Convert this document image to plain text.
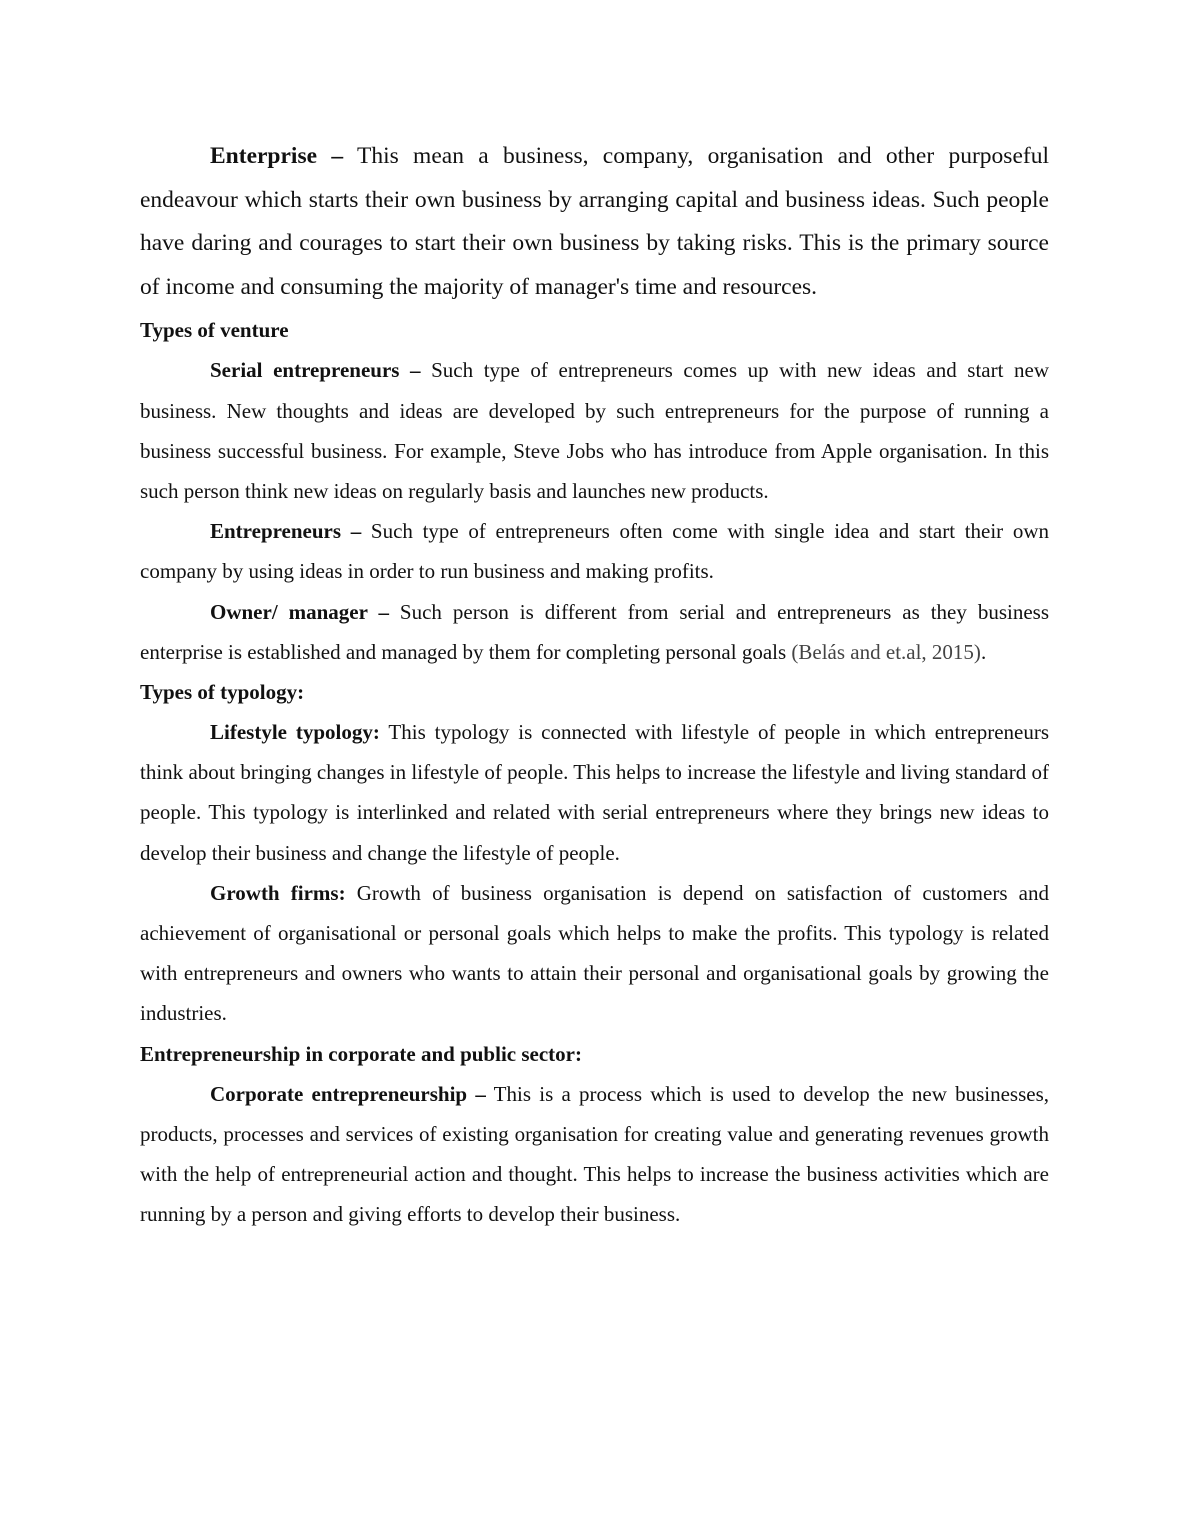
Enterprise – This mean a business, company, organisation and other purposeful endeavour which starts their own business by arranging capital and business ideas. Such people have daring and courages to start their own business by taking risks. This is the primary source of income and consuming the majority of manager's time and resources.

Types of venture

Serial entrepreneurs – Such type of entrepreneurs comes up with new ideas and start new business. New thoughts and ideas are developed by such entrepreneurs for the purpose of running a business successful business. For example, Steve Jobs who has introduce from Apple organisation. In this such person think new ideas on regularly basis and launches new products.

Entrepreneurs – Such type of entrepreneurs often come with single idea and start their own company by using ideas in order to run business and making profits.

Owner/ manager – Such person is different from serial and entrepreneurs as they business enterprise is established and managed by them for completing personal goals (Belás and et.al, 2015).

Types of typology:

Lifestyle typology: This typology is connected with lifestyle of people in which entrepreneurs think about bringing changes in lifestyle of people. This helps to increase the lifestyle and living standard of people. This typology is interlinked and related with serial entrepreneurs where they brings new ideas to develop their business and change the lifestyle of people.

Growth firms: Growth of business organisation is depend on satisfaction of customers and achievement of organisational or personal goals which helps to make the profits. This typology is related with entrepreneurs and owners who wants to attain their personal and organisational goals by growing the industries.

Entrepreneurship in corporate and public sector:

Corporate entrepreneurship – This is a process which is used to develop the new businesses, products, processes and services of existing organisation for creating value and generating revenues growth with the help of entrepreneurial action and thought. This helps to increase the business activities which are running by a person and giving efforts to develop their business.
